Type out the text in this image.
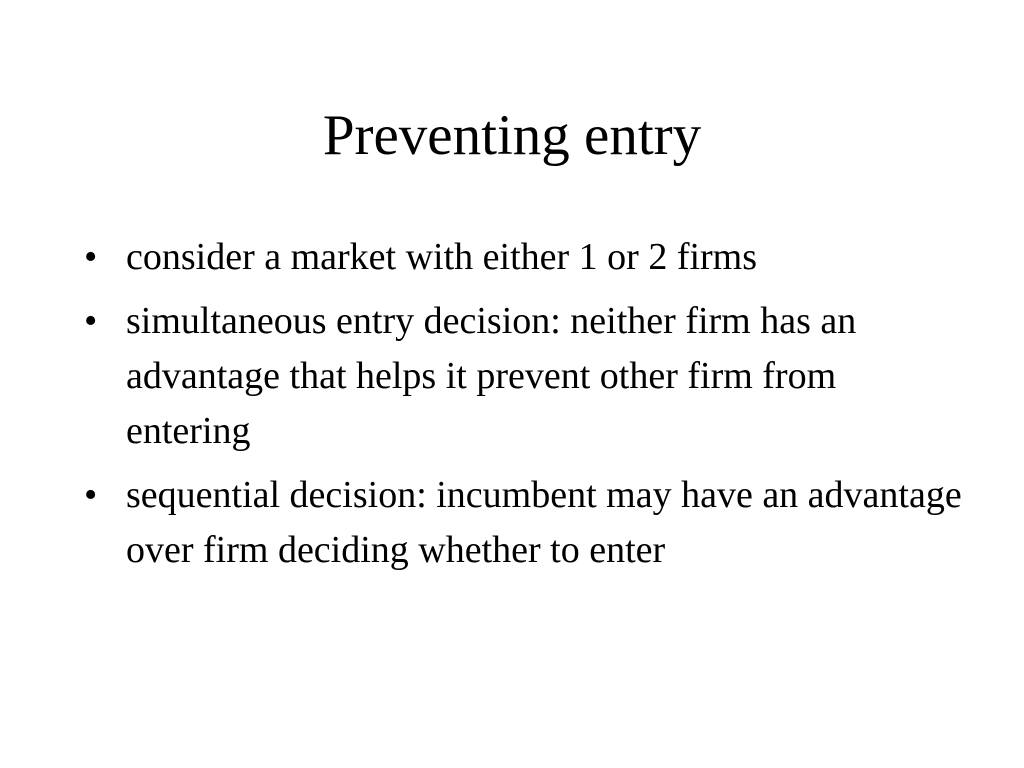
Preventing entry
• consider a market with either 1 or 2 firms
• simultaneous entry decision: neither firm has an advantage that helps it prevent other firm from entering
• sequential decision: incumbent may have an advantage over firm deciding whether to enter
